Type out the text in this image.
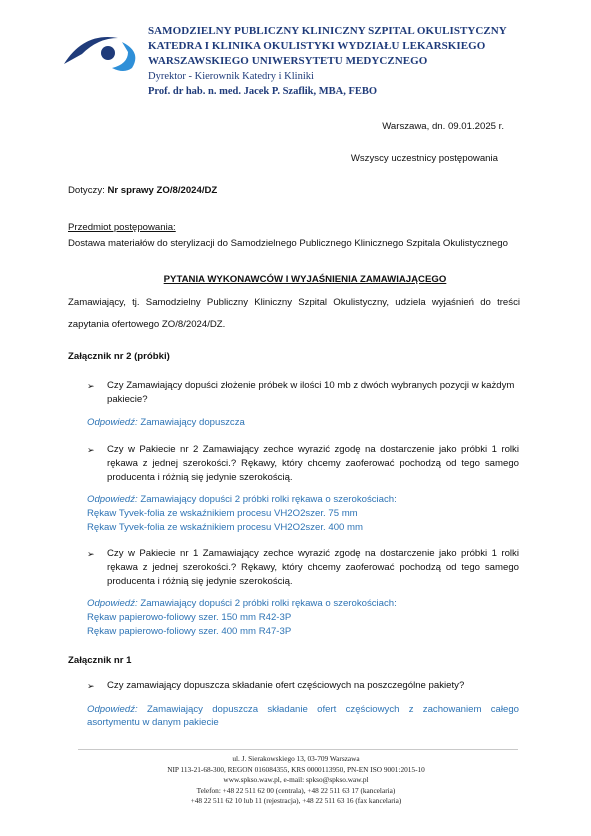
SAMODZIELNY PUBLICZNY KLINICZNY SZPITAL OKULISTYCZNY
KATEDRA I KLINIKA OKULISTYKI WYDZIAŁU LEKARSKIEGO
WARSZAWSKIEGO UNIWERSYTETU MEDYCZNEGO
Dyrektor - Kierownik Katedry i Kliniki
Prof. dr hab. n. med. Jacek P. Szaflik, MBA, FEBO
Warszawa, dn. 09.01.2025 r.
Wszyscy uczestnicy postępowania
Dotyczy: Nr sprawy ZO/8/2024/DZ
Przedmiot postępowania:
Dostawa materiałów do sterylizacji do Samodzielnego Publicznego Klinicznego Szpitala Okulistycznego
PYTANIA WYKONAWCÓW I WYJAŚNIENIA ZAMAWIAJĄCEGO
Zamawiający, tj. Samodzielny Publiczny Kliniczny Szpital Okulistyczny, udziela wyjaśnień do treści
zapytania ofertowego ZO/8/2024/DZ.
Załącznik nr 2 (próbki)
➢ Czy Zamawiający dopuści złożenie próbek w ilości 10 mb z dwóch wybranych pozycji w każdym
pakiecie?
Odpowiedź: Zamawiający dopuszcza
➢ Czy w Pakiecie nr 2 Zamawiający zechce wyrazić zgodę na dostarczenie jako próbki 1 rolki
rękawa z jednej szerokości.? Rękawy, który chcemy zaoferować pochodzą od tego samego
producenta i różnią się jedynie szerokością.
Odpowiedź: Zamawiający dopuści 2 próbki rolki rękawa o szerokościach:
Rękaw Tyvek-folia ze wskaźnikiem procesu VH2O2szer. 75 mm
Rękaw Tyvek-folia ze wskaźnikiem procesu VH2O2szer. 400 mm
➢ Czy w Pakiecie nr 1 Zamawiający zechce wyrazić zgodę na dostarczenie jako próbki 1 rolki
rękawa z jednej szerokości.? Rękawy, który chcemy zaoferować pochodzą od tego samego
producenta i różnią się jedynie szerokością.
Odpowiedź: Zamawiający dopuści 2 próbki rolki rękawa o szerokościach:
Rękaw papierowo-foliowy szer. 150 mm R42-3P
Rękaw papierowo-foliowy szer. 400 mm R47-3P
Załącznik nr 1
➢ Czy zamawiający dopuszcza składanie ofert częściowych na poszczególne pakiety?
Odpowiedź: Zamawiający dopuszcza składanie ofert częściowych z zachowaniem całego
asortymentu w danym pakiecie
ul. J. Sierakowskiego 13, 03-709 Warszawa
NIP 113-21-68-300, REGON 016084355, KRS 0000113950, PN-EN ISO 9001:2015-10
www.spkso.waw.pl, e-mail: spkso@spkso.waw.pl
Telefon: +48 22 511 62 00 (centrala), +48 22 511 63 17 (kancelaria)
+48 22 511 62 10 lub 11 (rejestracja), +48 22 511 63 16 (fax kancelaria)
